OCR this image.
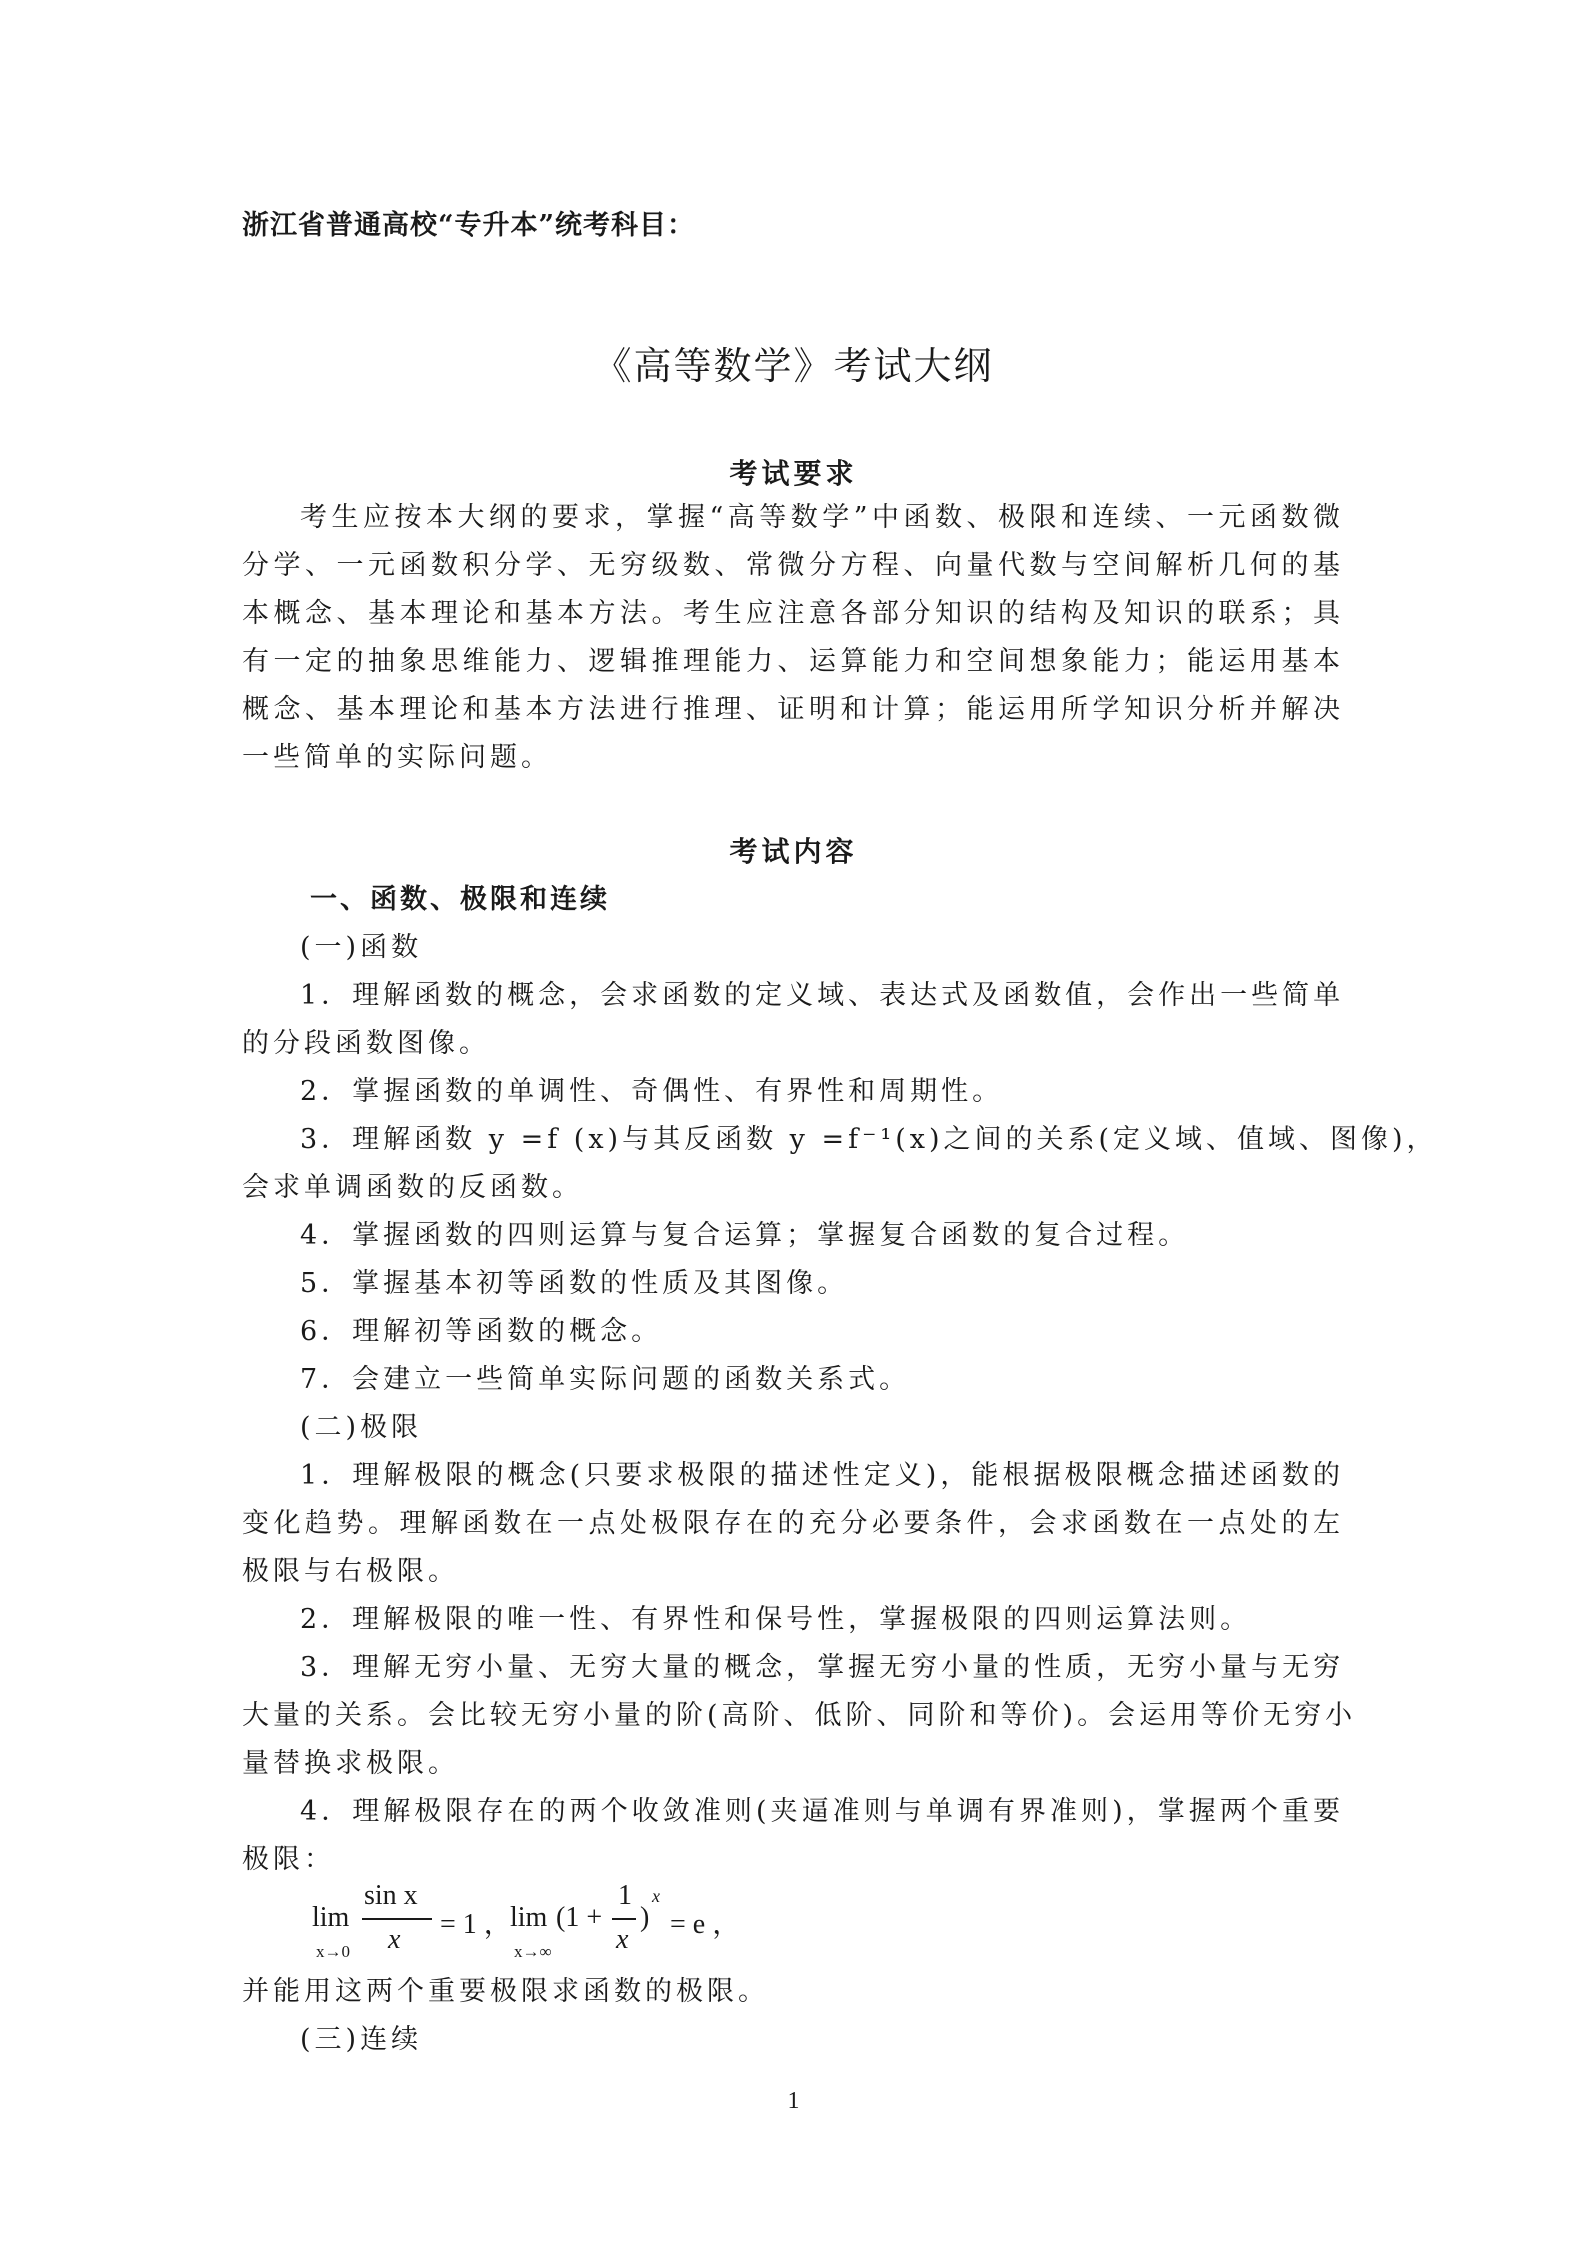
浙江省普通高校“专升本”统考科目：
《高等数学》考试大纲
考试要求
考生应按本大纲的要求，掌握“高等数学”中函数、极限和连续、一元函数微
分学、一元函数积分学、无穷级数、常微分方程、向量代数与空间解析几何的基
本概念、基本理论和基本方法。考生应注意各部分知识的结构及知识的联系；具
有一定的抽象思维能力、逻辑推理能力、运算能力和空间想象能力；能运用基本
概念、基本理论和基本方法进行推理、证明和计算；能运用所学知识分析并解决
一些简单的实际问题。
考试内容
一、函数、极限和连续
(一)函数
1．理解函数的概念，会求函数的定义域、表达式及函数值，会作出一些简单
的分段函数图像。
2．掌握函数的单调性、奇偶性、有界性和周期性。
3．理解函数 y =f (x)与其反函数 y =f⁻¹(x)之间的关系(定义域、值域、图像)，
会求单调函数的反函数。
4．掌握函数的四则运算与复合运算；掌握复合函数的复合过程。
5．掌握基本初等函数的性质及其图像。
6．理解初等函数的概念。
7．会建立一些简单实际问题的函数关系式。
(二)极限
1．理解极限的概念(只要求极限的描述性定义)，能根据极限概念描述函数的
变化趋势。理解函数在一点处极限存在的充分必要条件，会求函数在一点处的左
极限与右极限。
2．理解极限的唯一性、有界性和保号性，掌握极限的四则运算法则。
3．理解无穷小量、无穷大量的概念，掌握无穷小量的性质，无穷小量与无穷
大量的关系。会比较无穷小量的阶(高阶、低阶、同阶和等价)。会运用等价无穷小
量替换求极限。
4．理解极限存在的两个收敛准则(夹逼准则与单调有界准则)，掌握两个重要
极限：
lim
x→0
sin x
x = 1 ，
lim
x→∞
(1 +
1
x
)
x
= e ，
并能用这两个重要极限求函数的极限。
(三)连续
1
